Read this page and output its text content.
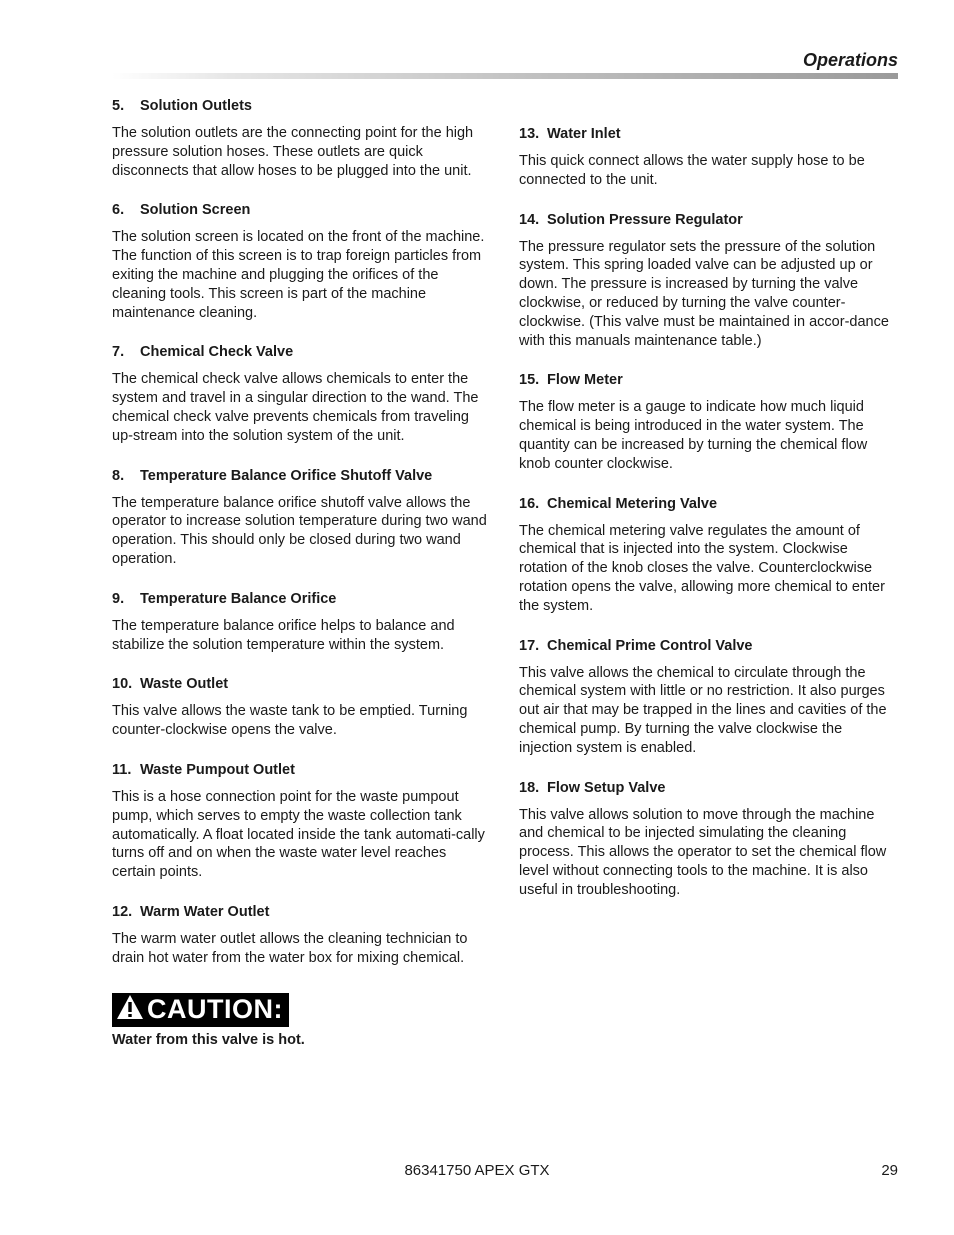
Operations
5.	Solution Outlets

The solution outlets are the connecting point for the high pressure solution hoses. These outlets are quick disconnects that allow hoses to be plugged into the unit.

6.	Solution Screen

The solution screen is located on the front of the machine. The function of this screen is to trap foreign particles from exiting the machine and plugging the orifices of the cleaning tools. This screen is part of the machine maintenance cleaning.

7.	Chemical Check Valve

The chemical check valve allows chemicals to enter the system and travel in a singular direction to the wand. The chemical check valve prevents chemicals from traveling up-stream into the solution system of the unit.

8.	Temperature Balance Orifice Shutoff Valve

The temperature balance orifice shutoff valve allows the operator to increase solution temperature during two wand operation. This should only be closed during two wand operation.

9.	Temperature Balance Orifice

The temperature balance orifice helps to balance and stabilize the solution temperature within the system.

10. Waste Outlet

This valve allows the waste tank to be emptied. Turning counter-clockwise opens the valve.

11. Waste Pumpout Outlet

This is a hose connection point for the waste pumpout pump, which serves to empty the waste collection tank automatically. A float located inside the tank automati-cally turns off and on when the waste water level reaches certain points.

12. Warm Water Outlet

The warm water outlet allows the cleaning technician to drain hot water from the water box for mixing chemical.

CAUTION:
Water from this valve is hot.
13. Water Inlet

This quick connect allows the water supply hose to be connected to the unit.

14. Solution Pressure Regulator

The pressure regulator sets the pressure of the solution system. This spring loaded valve can be adjusted up or down. The pressure is increased by turning the valve clockwise, or reduced by turning the valve counter-clockwise. (This valve must be maintained in accor-dance with this manuals maintenance table.)

15. Flow Meter

The flow meter is a gauge to indicate how much liquid chemical is being introduced in the water system. The quantity can be increased by turning the chemical flow knob counter clockwise.

16. Chemical Metering Valve

The chemical metering valve regulates the amount of chemical that is injected into the system. Clockwise rotation of the knob closes the valve. Counterclockwise rotation opens the valve, allowing more chemical to enter the system.

17. Chemical Prime Control Valve

This valve allows the chemical to circulate through the chemical system with little or no restriction. It also purges out air that may be trapped in the lines and cavities of the chemical pump. By turning the valve clockwise the injection system is enabled.

18. Flow Setup Valve

This valve allows solution to move through the machine and chemical to be injected simulating the cleaning process. This allows the operator to set the chemical flow level without connecting tools to the machine. It is also useful in troubleshooting.

86341750 APEX GTX	29
